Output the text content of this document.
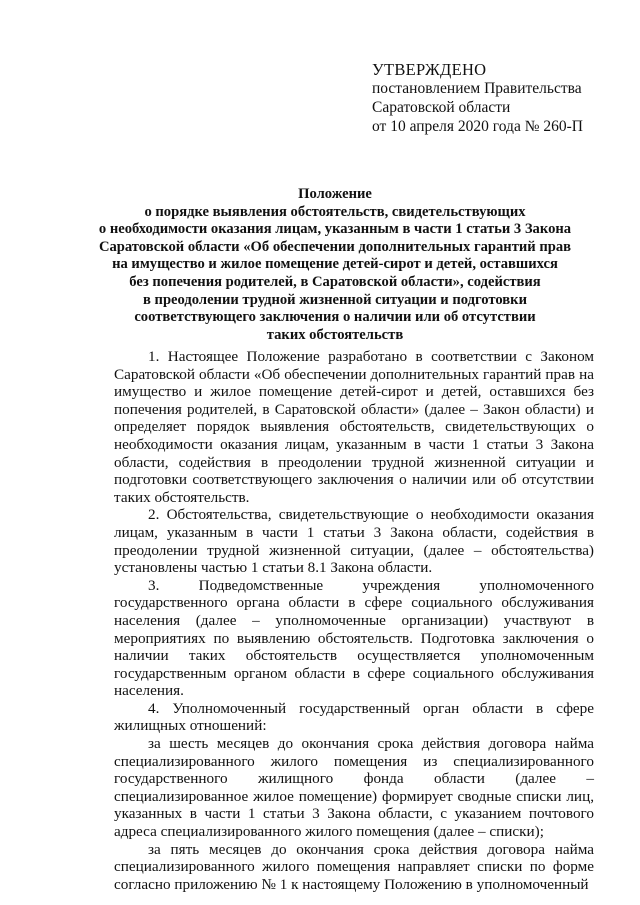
УТВЕРЖДЕНО
постановлением Правительства
Саратовской области
от 10 апреля 2020 года № 260-П
Положение
о порядке выявления обстоятельств, свидетельствующих
о необходимости оказания лицам, указанным в части 1 статьи 3 Закона
Саратовской области «Об обеспечении дополнительных гарантий прав
на имущество и жилое помещение детей-сирот и детей, оставшихся
без попечения родителей, в Саратовской области», содействия
в преодолении трудной жизненной ситуации и подготовки
соответствующего заключения о наличии или об отсутствии
таких обстоятельств

1. Настоящее Положение разработано в соответствии с Законом Саратовской области «Об обеспечении дополнительных гарантий прав на имущество и жилое помещение детей-сирот и детей, оставшихся без попечения родителей, в Саратовской области» (далее – Закон области) и определяет порядок выявления обстоятельств, свидетельствующих о необходимости оказания лицам, указанным в части 1 статьи 3 Закона области, содействия в преодолении трудной жизненной ситуации и подготовки соответствующего заключения о наличии или об отсутствии таких обстоятельств.

2. Обстоятельства, свидетельствующие о необходимости оказания лицам, указанным в части 1 статьи 3 Закона области, содействия в преодолении трудной жизненной ситуации, (далее – обстоятельства) установлены частью 1 статьи 8.1 Закона области.

3. Подведомственные учреждения уполномоченного государственного органа области в сфере социального обслуживания населения (далее – уполномоченные организации) участвуют в мероприятиях по выявлению обстоятельств. Подготовка заключения о наличии таких обстоятельств осуществляется уполномоченным государственным органом области в сфере социального обслуживания населения.

4. Уполномоченный государственный орган области в сфере жилищных отношений:

за шесть месяцев до окончания срока действия договора найма специализированного жилого помещения из специализированного государственного жилищного фонда области (далее – специализированное жилое помещение) формирует сводные списки лиц, указанных в части 1 статьи 3 Закона области, с указанием почтового адреса специализированного жилого помещения (далее – списки);

за пять месяцев до окончания срока действия договора найма специализированного жилого помещения направляет списки по форме согласно приложению № 1 к настоящему Положению в уполномоченный
